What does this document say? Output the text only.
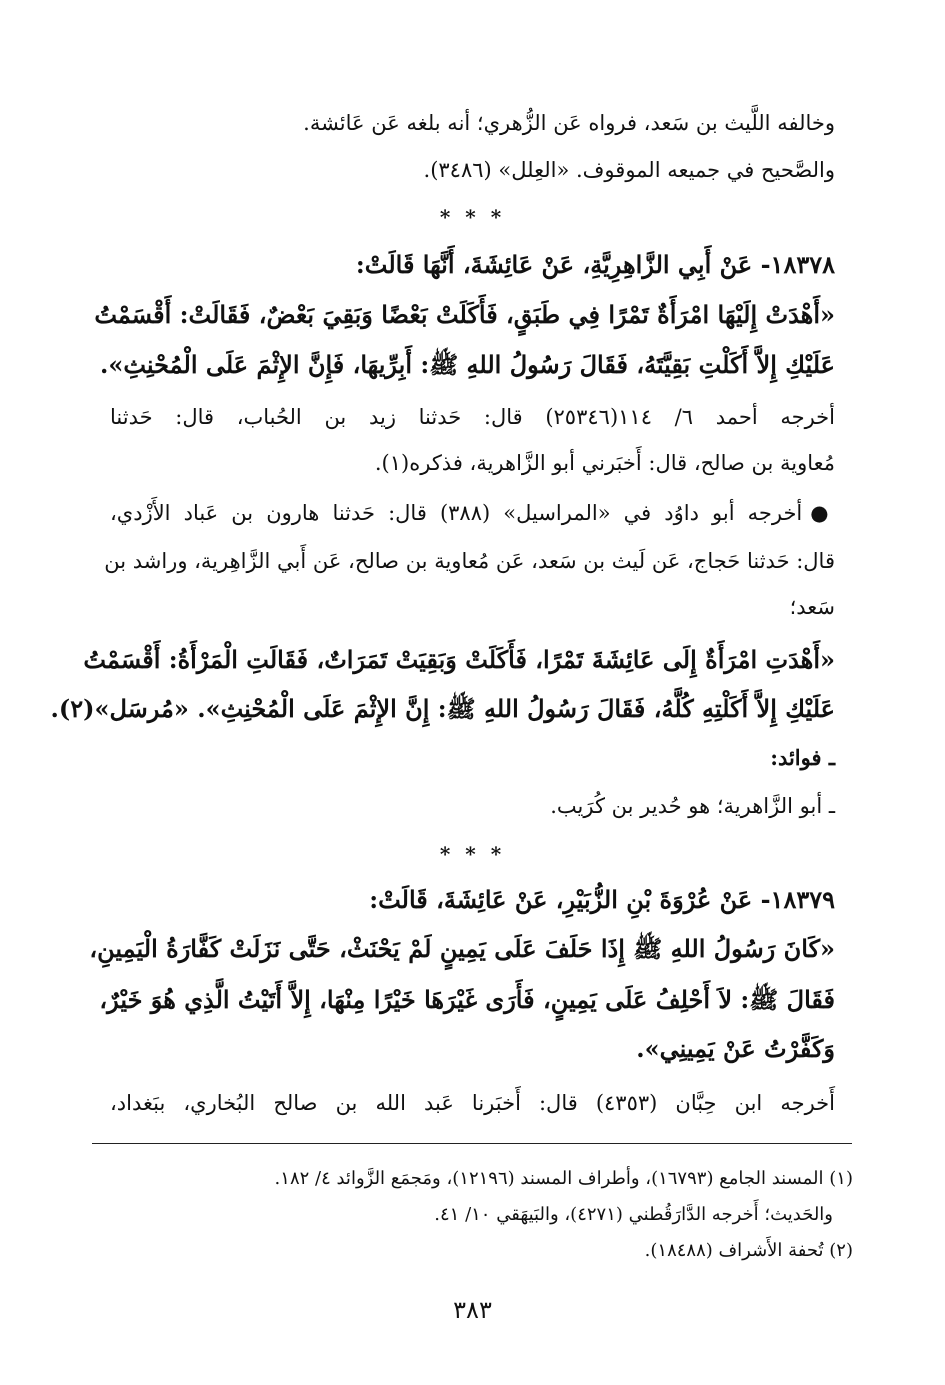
وخالفه اللَّيث بن سَعد، فرواه عَن الزُّهري؛ أنه بلغه عَن عَائشة.
والصَّحيح في جميعه الموقوف. «العِلل» (٣٤٨٦).
* * *
١٨٣٧٨- عَنْ أَبِي الزَّاهِرِيَّةِ، عَنْ عَائِشَةَ، أَنَّهَا قَالَتْ:
«أَهْدَتْ إِلَيْهَا امْرَأَةٌ تَمْرًا فِي طَبَقٍ، فَأَكَلَتْ بَعْضًا وَبَقِيَ بَعْضٌ، فَقَالَتْ: أَقْسَمْتُ
عَلَيْكِ إِلاَّ أَكَلْتِ بَقِيَّتَهُ، فَقَالَ رَسُولُ اللهِ ﷺ: أَبِرِّيهَا، فَإِنَّ الإِثْمَ عَلَى الْمُحْنِثِ».
أخرجه أحمد ٦/ ١١٤(٢٥٣٤٦) قال: حَدثنا زيد بن الحُباب، قال: حَدثنا
مُعاوية بن صالح، قال: أَخبَرني أبو الزَّاهرية، فذكره(١).
●أخرجه أبو داوُد في «المراسيل» (٣٨٨) قال: حَدثنا هارون بن عَباد الأَزْدي،
قال: حَدثنا حَجاج، عَن لَيث بن سَعد، عَن مُعاوية بن صالح، عَن أَبي الزَّاهِرية، وراشد بن
سَعد؛
«أَهْدَتِ امْرَأَةٌ إِلَى عَائِشَةَ تَمْرًا، فَأَكَلَتْ وَبَقِيَتْ تَمَرَاتٌ، فَقَالَتِ الْمَرْأَةُ: أَقْسَمْتُ
عَلَيْكِ إِلاَّ أَكَلْتِهِ كُلَّهُ، فَقَالَ رَسُولُ اللهِ ﷺ: إِنَّ الإِثْمَ عَلَى الْمُحْنِثِ». «مُرسَل»(٢).
ـ فوائد:
ـ أبو الزَّاهرية؛ هو حُدير بن كُرَيب.
* * *
١٨٣٧٩- عَنْ عُرْوَةَ بْنِ الزُّبَيْرِ، عَنْ عَائِشَةَ، قَالَتْ:
«كَانَ رَسُولُ اللهِ ﷺ إِذَا حَلَفَ عَلَى يَمِينٍ لَمْ يَحْنَثْ، حَتَّى نَزَلَتْ كَفَّارَةُ الْيَمِينِ،
فَقَالَ ﷺ: لاَ أَحْلِفُ عَلَى يَمِينٍ، فَأَرَى غَيْرَهَا خَيْرًا مِنْهَا، إِلاَّ أَتَيْتُ الَّذِي هُوَ خَيْرٌ،
وَكَفَّرْتُ عَنْ يَمِينِي».
أَخرجه ابن حِبَّان (٤٣٥٣) قال: أَخبَرنا عَبد الله بن صالح البُخاري، ببَغداد،
(١) المسند الجامع (١٦٧٩٣)، وأطراف المسند (١٢١٩٦)، ومَجمَع الزَّوائد ٤/ ١٨٢.
والحَديث؛ أَخرجه الدَّارَقُطني (٤٢٧١)، والبَيهَقي ١٠/ ٤١.
(٢) تُحفة الأَشراف (١٨٤٨٨).
٣٨٣
